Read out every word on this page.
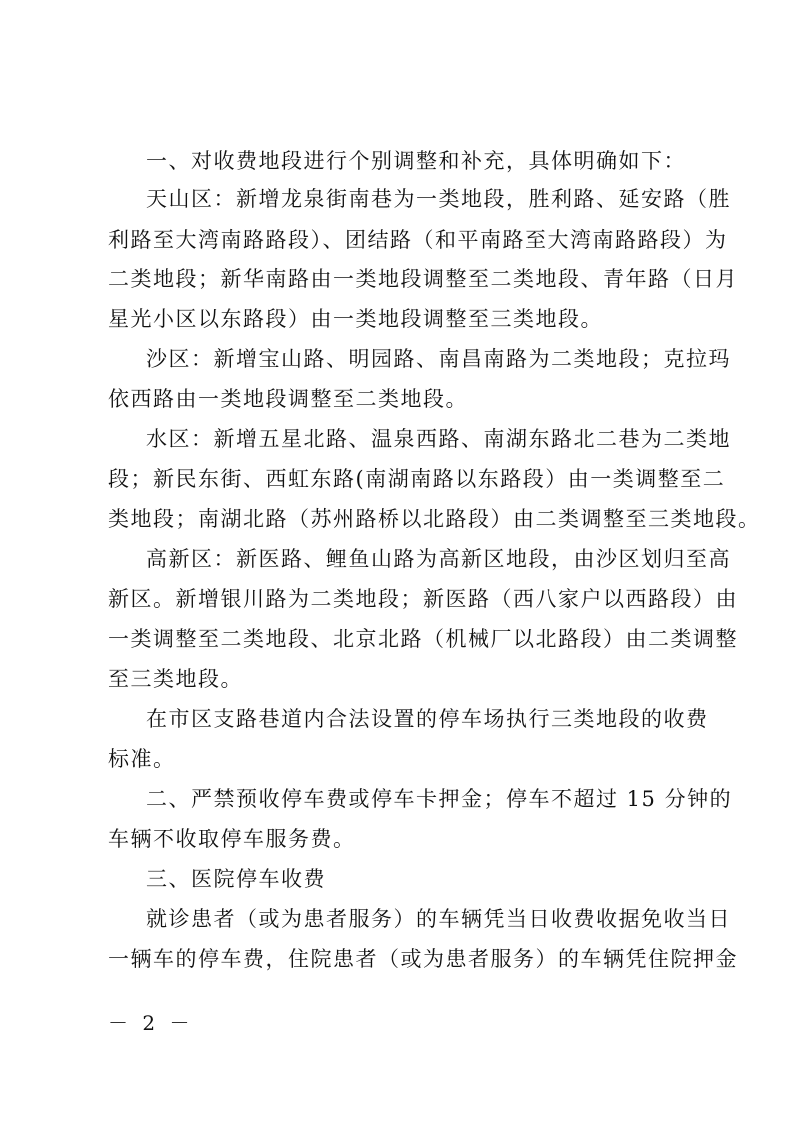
一、对收费地段进行个别调整和补充，具体明确如下：
天山区：新增龙泉街南巷为一类地段，胜利路、延安路（胜
利路至大湾南路路段）、团结路（和平南路至大湾南路路段）为
二类地段；新华南路由一类地段调整至二类地段、青年路（日月
星光小区以东路段）由一类地段调整至三类地段。
沙区：新增宝山路、明园路、南昌南路为二类地段；克拉玛
依西路由一类地段调整至二类地段。
水区：新增五星北路、温泉西路、南湖东路北二巷为二类地
段；新民东街、西虹东路(南湖南路以东路段）由一类调整至二
类地段；南湖北路（苏州路桥以北路段）由二类调整至三类地段。
高新区：新医路、鲤鱼山路为高新区地段，由沙区划归至高
新区。新增银川路为二类地段；新医路（西八家户以西路段）由
一类调整至二类地段、北京北路（机械厂以北路段）由二类调整
至三类地段。
在市区支路巷道内合法设置的停车场执行三类地段的收费
标准。
二、严禁预收停车费或停车卡押金；停车不超过 15 分钟的
车辆不收取停车服务费。
三、医院停车收费
就诊患者（或为患者服务）的车辆凭当日收费收据免收当日
一辆车的停车费，住院患者（或为患者服务）的车辆凭住院押金
－ 2 －
